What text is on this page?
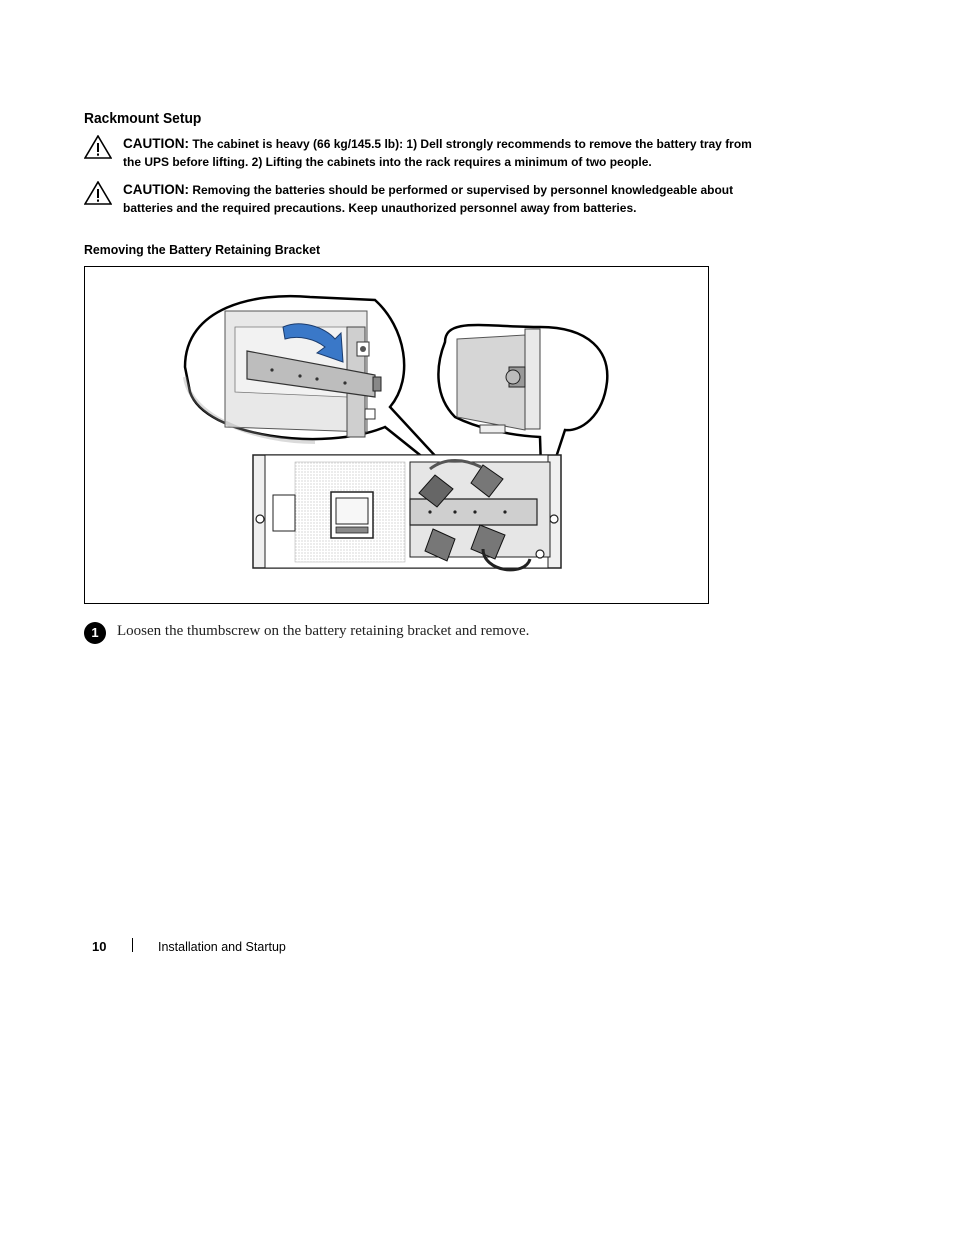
Rackmount Setup
CAUTION: The cabinet is heavy (66 kg/145.5 lb): 1) Dell strongly recommends to remove the battery tray from the UPS before lifting. 2) Lifting the cabinets into the rack requires a minimum of two people.
CAUTION: Removing the batteries should be performed or supervised by personnel knowledgeable about batteries and the required precautions. Keep unauthorized personnel away from batteries.
Removing the Battery Retaining Bracket
1	Loosen the thumbscrew on the battery retaining bracket and remove.
10	Installation and Startup
